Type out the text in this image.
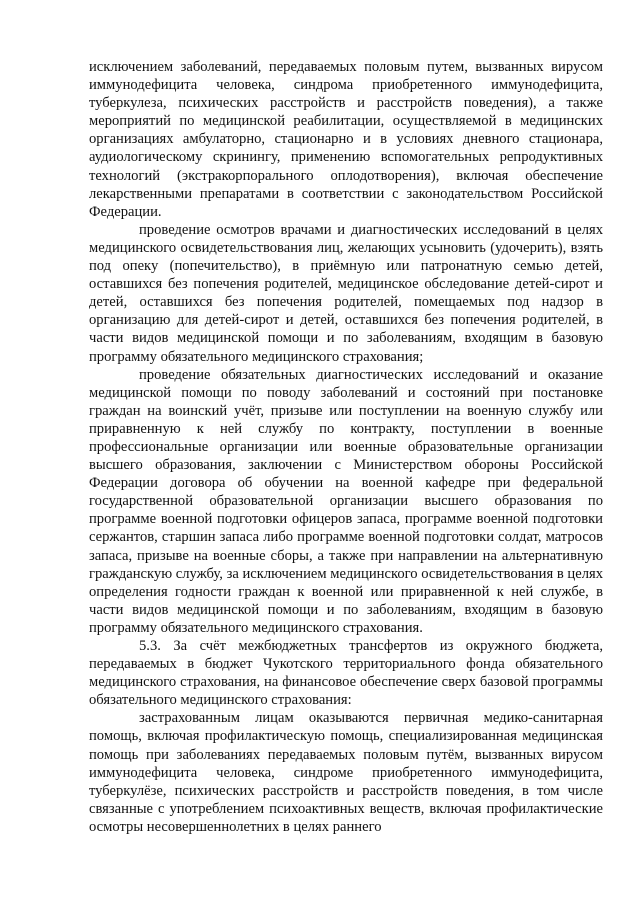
исключением заболеваний, передаваемых половым путем, вызванных вирусом иммунодефицита человека, синдрома приобретенного иммунодефицита, туберкулеза, психических расстройств и расстройств поведения), а также мероприятий по медицинской реабилитации, осуществляемой в медицинских организациях амбулаторно, стационарно и в условиях дневного стационара, аудиологическому скринингу, применению вспомогательных репродуктивных технологий (экстракорпорального оплодотворения), включая обеспечение лекарственными препаратами в соответствии с законодательством Российской Федерации.

проведение осмотров врачами и диагностических исследований в целях медицинского освидетельствования лиц, желающих усыновить (удочерить), взять под опеку (попечительство), в приёмную или патронатную семью детей, оставшихся без попечения родителей, медицинское обследование детей-сирот и детей, оставшихся без попечения родителей, помещаемых под надзор в организацию для детей-сирот и детей, оставшихся без попечения родителей, в части видов медицинской помощи и по заболеваниям, входящим в базовую программу обязательного медицинского страхования;

проведение обязательных диагностических исследований и оказание медицинской помощи по поводу заболеваний и состояний при постановке граждан на воинский учёт, призыве или поступлении на военную службу или приравненную к ней службу по контракту, поступлении в военные профессиональные организации или военные образовательные организации высшего образования, заключении с Министерством обороны Российской Федерации договора об обучении на военной кафедре при федеральной государственной образовательной организации высшего образования по программе военной подготовки офицеров запаса, программе военной подготовки сержантов, старшин запаса либо программе военной подготовки солдат, матросов запаса, призыве на военные сборы, а также при направлении на альтернативную гражданскую службу, за исключением медицинского освидетельствования в целях определения годности граждан к военной или приравненной к ней службе, в части видов медицинской помощи и по заболеваниям, входящим в базовую программу обязательного медицинского страхования.

5.3. За счёт межбюджетных трансфертов из окружного бюджета, передаваемых в бюджет Чукотского территориального фонда обязательного медицинского страхования, на финансовое обеспечение сверх базовой программы обязательного медицинского страхования:

застрахованным лицам оказываются первичная медико-санитарная помощь, включая профилактическую помощь, специализированная медицинская помощь при заболеваниях передаваемых половым путём, вызванных вирусом иммунодефицита человека, синдроме приобретенного иммунодефицита, туберкулёзе, психических расстройств и расстройств поведения, в том числе связанные с употреблением психоактивных веществ, включая профилактические осмотры несовершеннолетних в целях раннего
